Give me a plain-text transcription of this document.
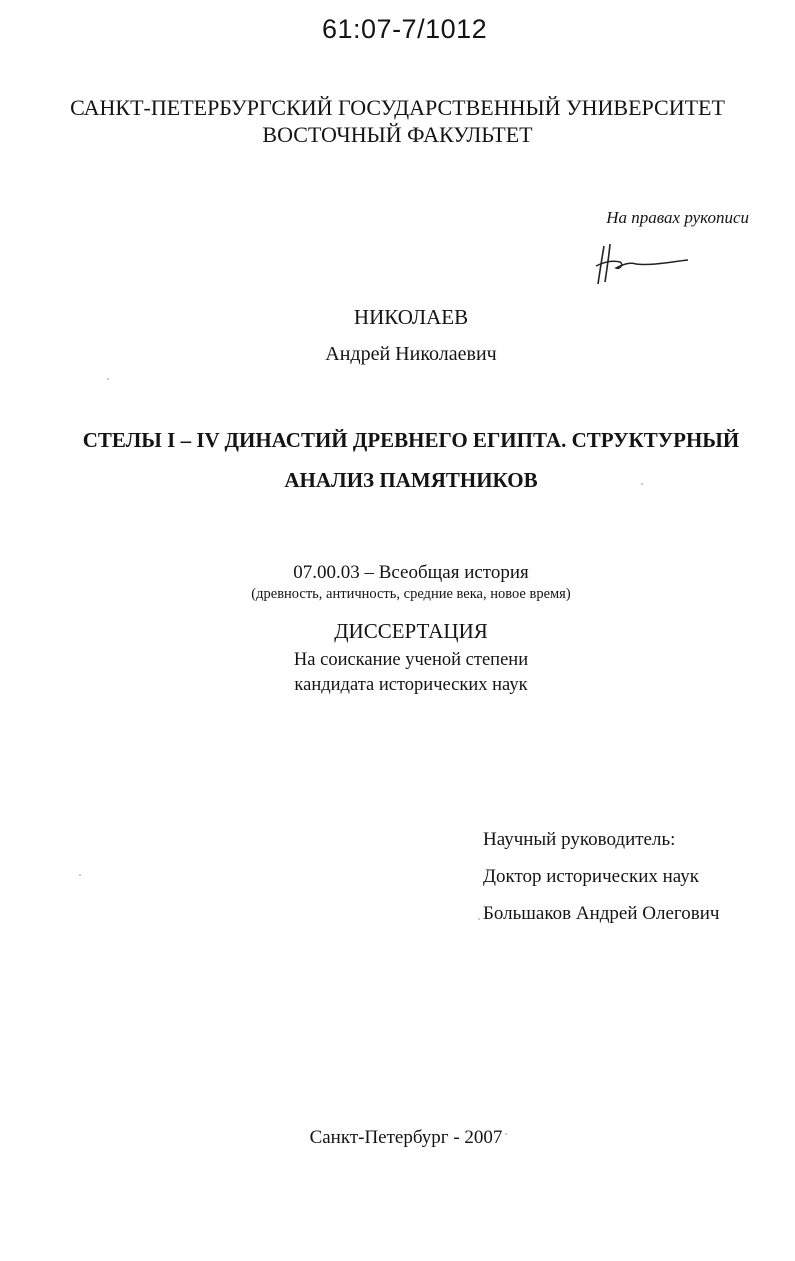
61:07-7/1012
САНКТ-ПЕТЕРБУРГСКИЙ ГОСУДАРСТВЕННЫЙ УНИВЕРСИТЕТ
ВОСТОЧНЫЙ ФАКУЛЬТЕТ
На правах рукописи
НИКОЛАЕВ
Андрей Николаевич
СТЕЛЫ I – IV ДИНАСТИЙ ДРЕВНЕГО ЕГИПТА. СТРУКТУРНЫЙ
АНАЛИЗ ПАМЯТНИКОВ
07.00.03 – Всеобщая история
(древность, античность, средние века, новое время)
ДИССЕРТАЦИЯ
На соискание ученой степени
кандидата исторических наук
Научный руководитель:
Доктор исторических наук
Большаков Андрей Олегович
Санкт-Петербург - 2007
